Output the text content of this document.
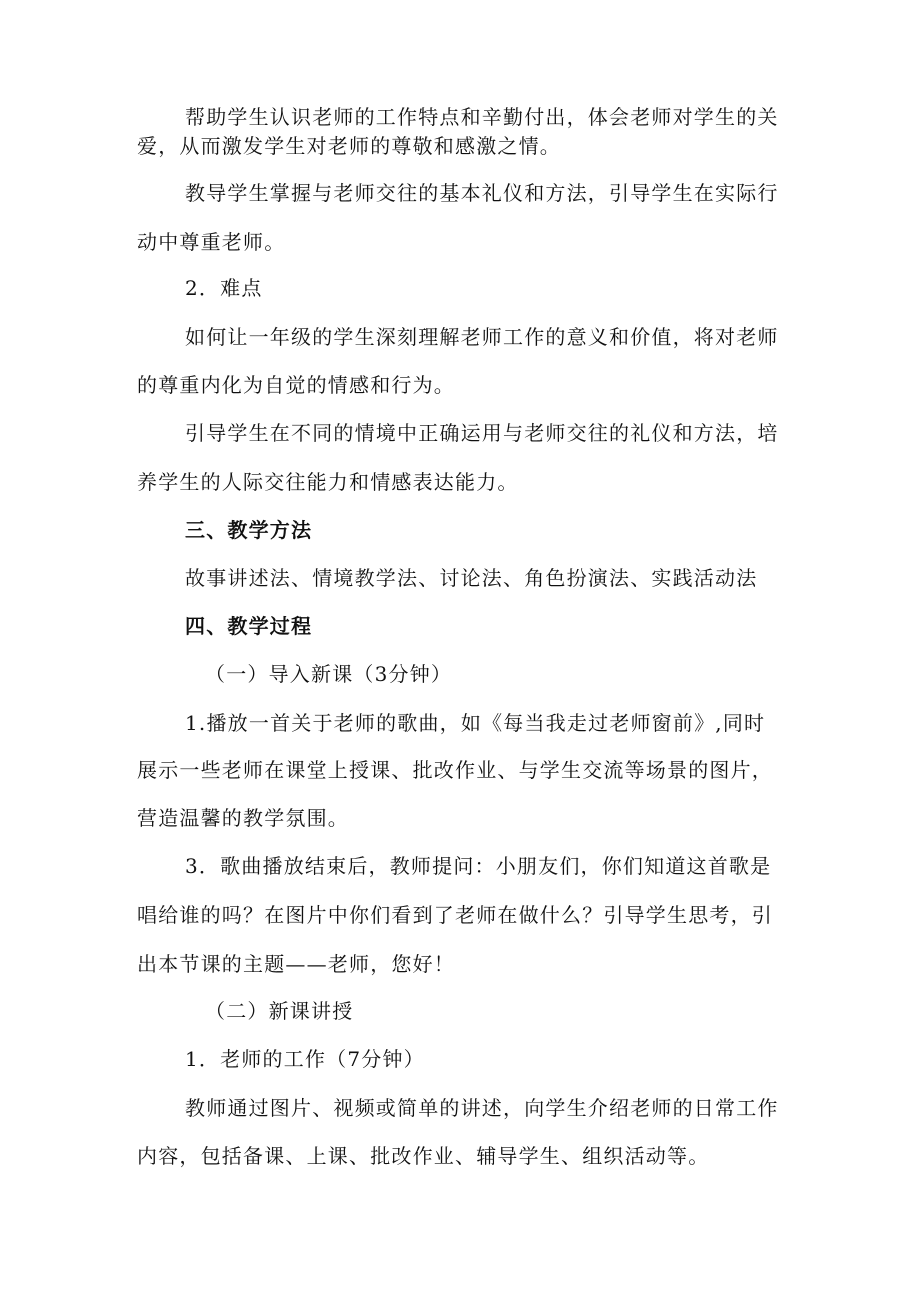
帮助学生认识老师的工作特点和辛勤付出，体会老师对学生的关
爱，从而激发学生对老师的尊敬和感激之情。
教导学生掌握与老师交往的基本礼仪和方法，引导学生在实际行
动中尊重老师。
2．难点
如何让一年级的学生深刻理解老师工作的意义和价值，将对老师
的尊重内化为自觉的情感和行为。
引导学生在不同的情境中正确运用与老师交往的礼仪和方法，培
养学生的人际交往能力和情感表达能力。
三、教学方法
故事讲述法、情境教学法、讨论法、角色扮演法、实践活动法
四、教学过程
（一）导入新课（3分钟）
1.播放一首关于老师的歌曲，如《每当我走过老师窗前》,同时
展示一些老师在课堂上授课、批改作业、与学生交流等场景的图片，
营造温馨的教学氛围。
3．歌曲播放结束后，教师提问：小朋友们，你们知道这首歌是
唱给谁的吗？在图片中你们看到了老师在做什么？引导学生思考，引
出本节课的主题——老师，您好！
（二）新课讲授
1．老师的工作（7分钟）
教师通过图片、视频或简单的讲述，向学生介绍老师的日常工作
内容，包括备课、上课、批改作业、辅导学生、组织活动等。
